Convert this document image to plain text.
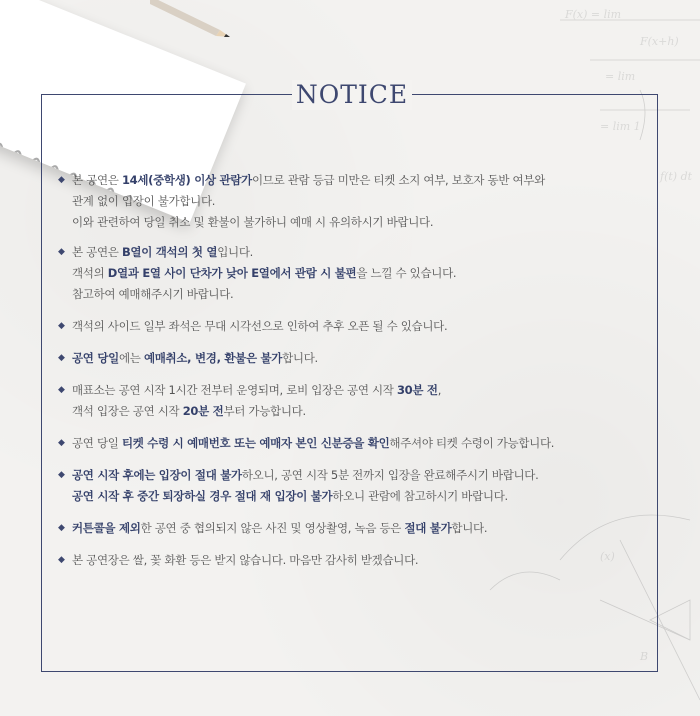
F(x) = lim
F(x+h)
= lim
= lim 1
f(t) dt
(x)
B
NOTICE
◆ 본 공연은 14세(중학생) 이상 관람가이므로 관람 등급 미만은 티켓 소지 여부, 보호자 동반 여부와
관계 없이 입장이 불가합니다.
이와 관련하여 당일 취소 및 환불이 불가하니 예매 시 유의하시기 바랍니다.
◆ 본 공연은 B열이 객석의 첫 열입니다.
객석의 D열과 E열 사이 단차가 낮아 E열에서 관람 시 불편을 느낄 수 있습니다.
참고하여 예매해주시기 바랍니다.
◆ 객석의 사이드 일부 좌석은 무대 시각선으로 인하여 추후 오픈 될 수 있습니다.
◆ 공연 당일에는 예매취소, 변경, 환불은 불가합니다.
◆ 매표소는 공연 시작 1시간 전부터 운영되며, 로비 입장은 공연 시작 30분 전,
객석 입장은 공연 시작 20분 전부터 가능합니다.
◆ 공연 당일 티켓 수령 시 예매번호 또는 예매자 본인 신분증을 확인해주셔야 티켓 수령이 가능합니다.
◆ 공연 시작 후에는 입장이 절대 불가하오니, 공연 시작 5분 전까지 입장을 완료해주시기 바랍니다.
공연 시작 후 중간 퇴장하실 경우 절대 재 입장이 불가하오니 관람에 참고하시기 바랍니다.
◆ 커튼콜을 제외한 공연 중 협의되지 않은 사진 및 영상촬영, 녹음 등은 절대 불가합니다.
◆ 본 공연장은 쌀, 꽃 화환 등은 받지 않습니다. 마음만 감사히 받겠습니다.
